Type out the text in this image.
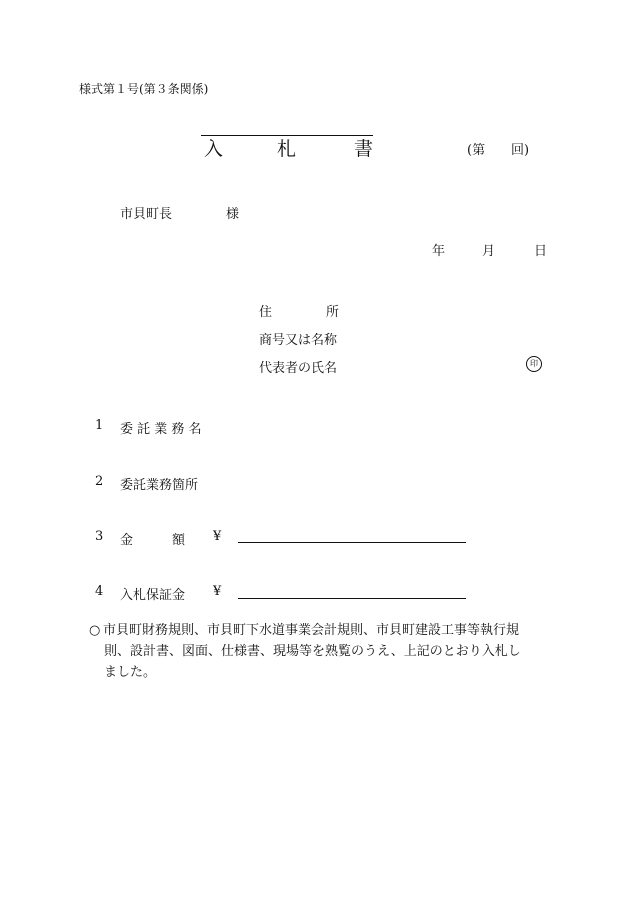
様式第１号(第３条関係)
入	札	書	(第 回)
市貝町長	様
年	月	日
住	所
商号又は名称
代表者の氏名	印
1 委 託 業 務 名
2 委託業務箇所
3 金	額 ¥
4 入札保証金 ¥

○ 市貝町財務規則、市貝町下水道事業会計規則、市貝町建設工事等執行規

則、設計書、図面、仕様書、現場等を熟覧のうえ、上記のとおり入札し

ました。
